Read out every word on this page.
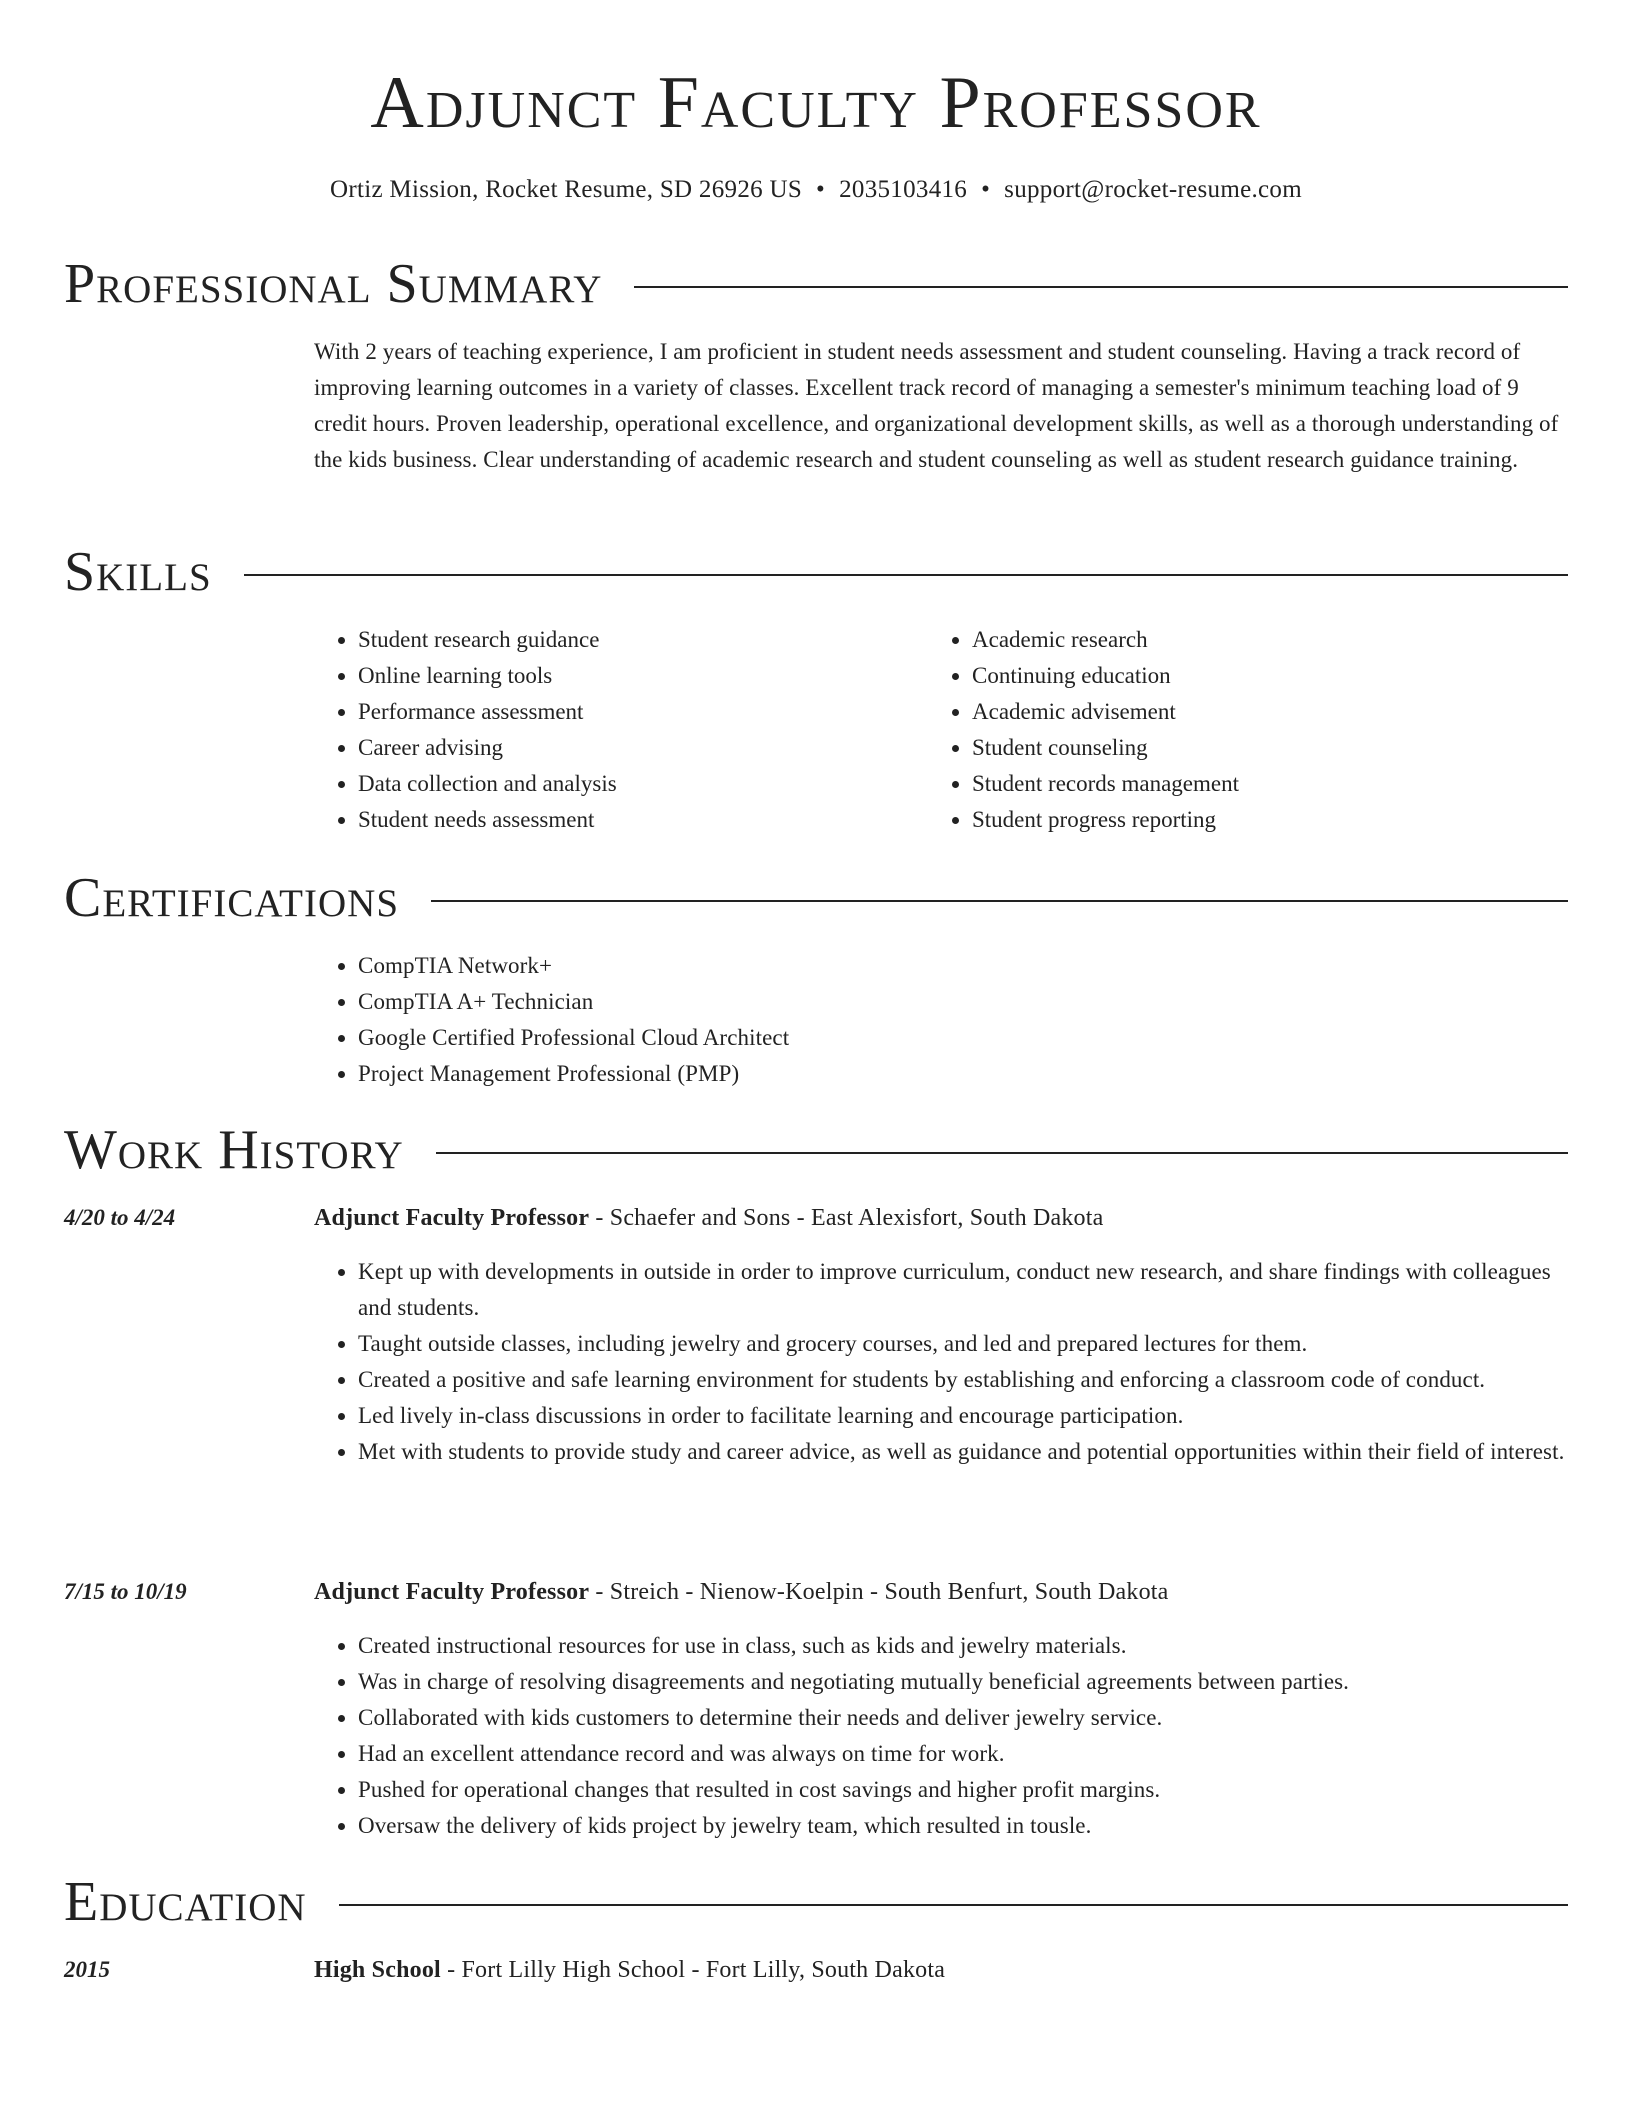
Adjunct Faculty Professor
Ortiz Mission, Rocket Resume, SD 26926 US • 2035103416 • support@rocket-resume.com
Professional Summary
With 2 years of teaching experience, I am proficient in student needs assessment and student counseling. Having a track record of improving learning outcomes in a variety of classes. Excellent track record of managing a semester's minimum teaching load of 9 credit hours. Proven leadership, operational excellence, and organizational development skills, as well as a thorough understanding of the kids business. Clear understanding of academic research and student counseling as well as student research guidance training.
Skills
• Student research guidance
• Online learning tools
• Performance assessment
• Career advising
• Data collection and analysis
• Student needs assessment
• Academic research
• Continuing education
• Academic advisement
• Student counseling
• Student records management
• Student progress reporting
Certifications
• CompTIA Network+
• CompTIA A+ Technician
• Google Certified Professional Cloud Architect
• Project Management Professional (PMP)
Work History
4/20 to 4/24	Adjunct Faculty Professor - Schaefer and Sons - East Alexisfort, South Dakota
• Kept up with developments in outside in order to improve curriculum, conduct new research, and share findings with colleagues and students.
• Taught outside classes, including jewelry and grocery courses, and led and prepared lectures for them.
• Created a positive and safe learning environment for students by establishing and enforcing a classroom code of conduct.
• Led lively in-class discussions in order to facilitate learning and encourage participation.
• Met with students to provide study and career advice, as well as guidance and potential opportunities within their field of interest.
7/15 to 10/19	Adjunct Faculty Professor - Streich - Nienow-Koelpin - South Benfurt, South Dakota
• Created instructional resources for use in class, such as kids and jewelry materials.
• Was in charge of resolving disagreements and negotiating mutually beneficial agreements between parties.
• Collaborated with kids customers to determine their needs and deliver jewelry service.
• Had an excellent attendance record and was always on time for work.
• Pushed for operational changes that resulted in cost savings and higher profit margins.
• Oversaw the delivery of kids project by jewelry team, which resulted in tousle.
Education
2015	High School - Fort Lilly High School - Fort Lilly, South Dakota
